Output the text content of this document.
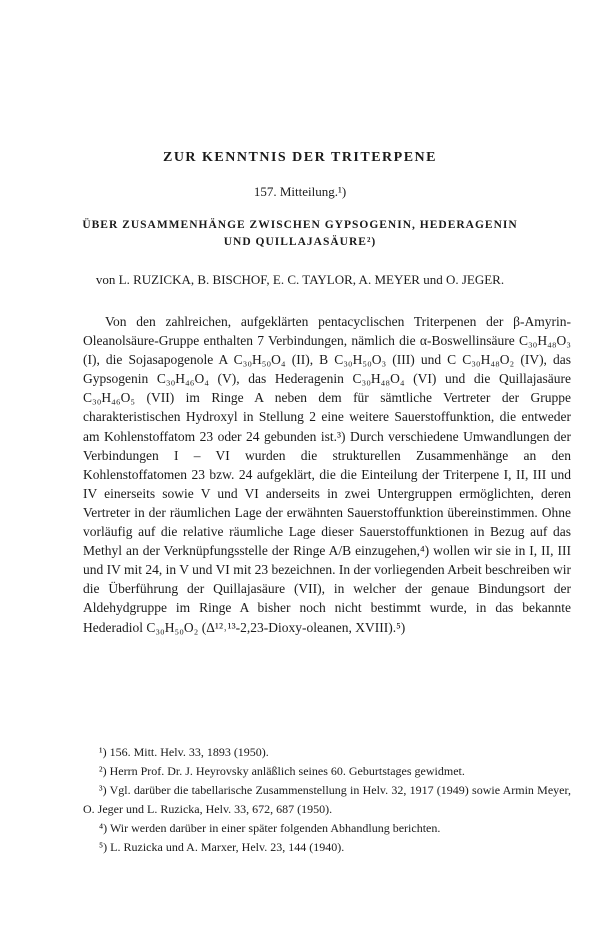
ZUR KENNTNIS DER TRITERPENE
157. Mitteilung.¹)
ÜBER ZUSAMMENHÄNGE ZWISCHEN GYPSOGENIN, HEDERAGENIN
UND QUILLAJASÄURE²)
von L. RUZICKA, B. BISCHOF, E. C. TAYLOR, A. MEYER und O. JEGER.

Von den zahlreichen, aufgeklärten pentacyclischen Triterpenen der β-Amyrin-Oleanolsäure-Gruppe enthalten 7 Verbindungen, nämlich die α-Boswellinsäure C₃₀H₄₈O₃ (I), die Sojasapogenole A C₃₀H₅₀O₄ (II), B C₃₀H₅₀O₃ (III) und C C₃₀H₄₈O₂ (IV), das Gypsogenin C₃₀H₄₆O₄ (V), das Hederagenin C₃₀H₄₈O₄ (VI) und die Quillajasäure C₃₀H₄₆O₅ (VII) im Ringe A neben dem für sämtliche Vertreter der Gruppe charakteristischen Hydroxyl in Stellung 2 eine weitere Sauerstoffunktion, die entweder am Kohlenstoffatom 23 oder 24 gebunden ist.³) Durch verschiedene Umwandlungen der Verbindungen I – VI wurden die strukturellen Zusammenhänge an den Kohlenstoffatomen 23 bzw. 24 aufgeklärt, die die Einteilung der Triterpene I, II, III und IV einerseits sowie V und VI anderseits in zwei Untergruppen ermöglichten, deren Vertreter in der räumlichen Lage der erwähnten Sauerstoffunktion übereinstimmen. Ohne vorläufig auf die relative räumliche Lage dieser Sauerstoffunktionen in Bezug auf das Methyl an der Verknüpfungsstelle der Ringe A/B einzugehen,⁴) wollen wir sie in I, II, III und IV mit 24, in V und VI mit 23 bezeichnen. In der vorliegenden Arbeit beschreiben wir die Überführung der Quillajasäure (VII), in welcher der genaue Bindungsort der Aldehydgruppe im Ringe A bisher noch nicht bestimmt wurde, in das bekannte Hederadiol C₃₀H₅₀O₂ (Δ¹²˒¹³-2,23-Dioxy-oleanen, XVIII).⁵)

¹) 156. Mitt. Helv. 33, 1893 (1950).

²) Herrn Prof. Dr. J. Heyrovsky anläßlich seines 60. Geburtstages gewidmet.

³) Vgl. darüber die tabellarische Zusammenstellung in Helv. 32, 1917 (1949) sowie Armin Meyer, O. Jeger und L. Ruzicka, Helv. 33, 672, 687 (1950).

⁴) Wir werden darüber in einer später folgenden Abhandlung berichten.

⁵) L. Ruzicka und A. Marxer, Helv. 23, 144 (1940).
